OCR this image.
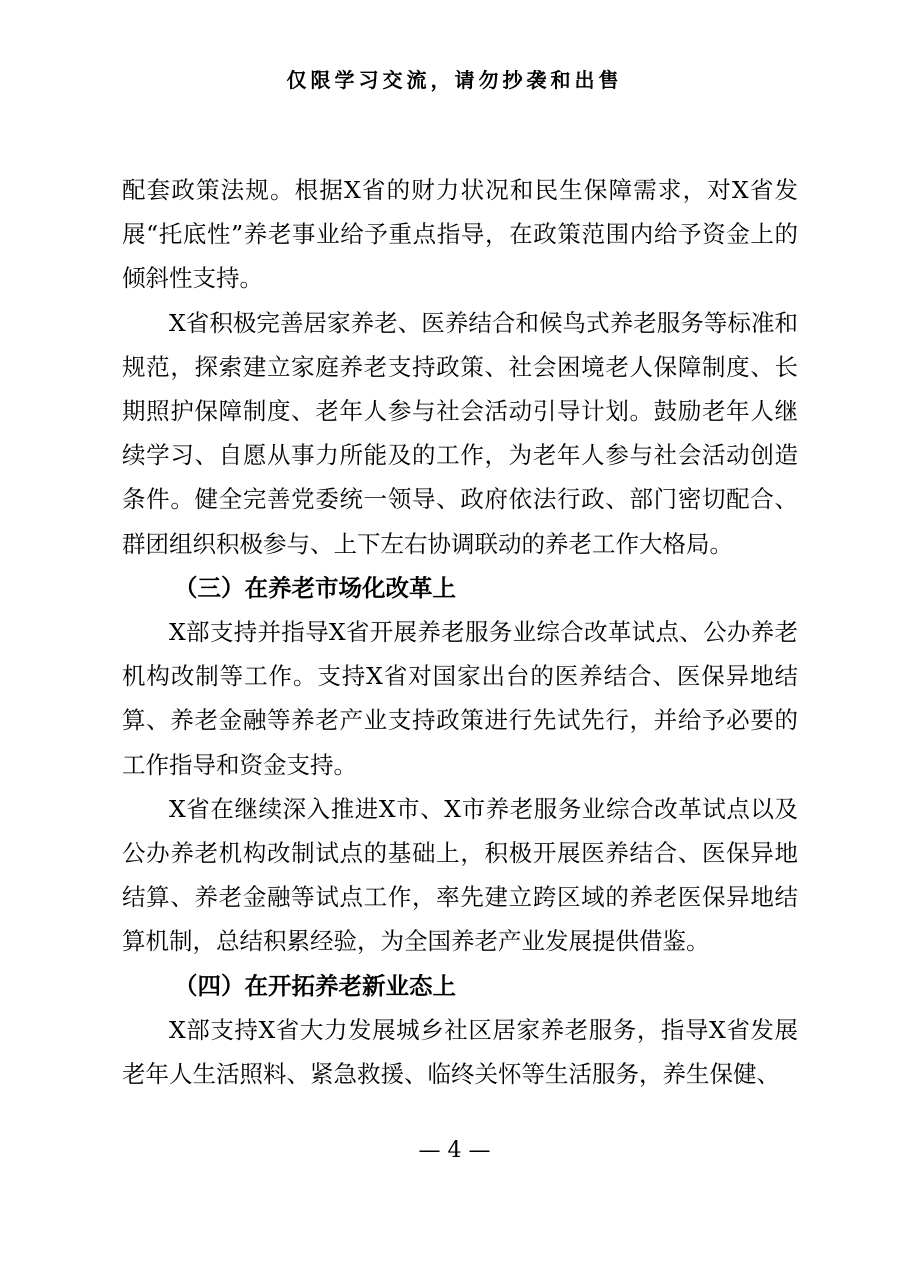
仅限学习交流，请勿抄袭和出售

配套政策法规。根据X省的财力状况和民生保障需求，对X省发展“托底性”养老事业给予重点指导，在政策范围内给予资金上的倾斜性支持。

X省积极完善居家养老、医养结合和候鸟式养老服务等标准和规范，探索建立家庭养老支持政策、社会困境老人保障制度、长期照护保障制度、老年人参与社会活动引导计划。鼓励老年人继续学习、自愿从事力所能及的工作，为老年人参与社会活动创造条件。健全完善党委统一领导、政府依法行政、部门密切配合、群团组织积极参与、上下左右协调联动的养老工作大格局。

（三）在养老市场化改革上

X部支持并指导X省开展养老服务业综合改革试点、公办养老机构改制等工作。支持X省对国家出台的医养结合、医保异地结算、养老金融等养老产业支持政策进行先试先行，并给予必要的工作指导和资金支持。

X省在继续深入推进X市、X市养老服务业综合改革试点以及公办养老机构改制试点的基础上，积极开展医养结合、医保异地结算、养老金融等试点工作，率先建立跨区域的养老医保异地结算机制，总结积累经验，为全国养老产业发展提供借鉴。

（四）在开拓养老新业态上

X部支持X省大力发展城乡社区居家养老服务，指导X省发展老年人生活照料、紧急救援、临终关怀等生活服务，养生保健、

— 4 —
